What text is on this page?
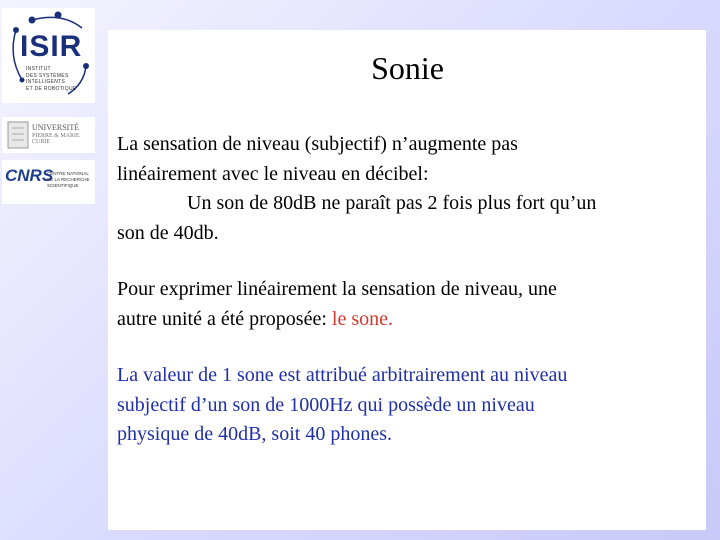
ISIR
INSTITUT
DES SYSTÈMES
INTELLIGENTS
ET DE ROBOTIQUE
UNIVERSITÉ
PIERRE & MARIE CURIE
CNRS
CENTRE NATIONAL
DE LA RECHERCHE
SCIENTIFIQUE
Sonie
La sensation de niveau (subjectif) n’augmente pas
linéairement avec le niveau en décibel:
Un son de 80dB ne paraît pas 2 fois plus fort qu’un
son de 40db.
Pour exprimer linéairement la sensation de niveau, une
autre unité a été proposée: le sone.
La valeur de 1 sone est attribué arbitrairement au niveau
subjectif d’un son de 1000Hz qui possède un niveau
physique de 40dB, soit 40 phones.
